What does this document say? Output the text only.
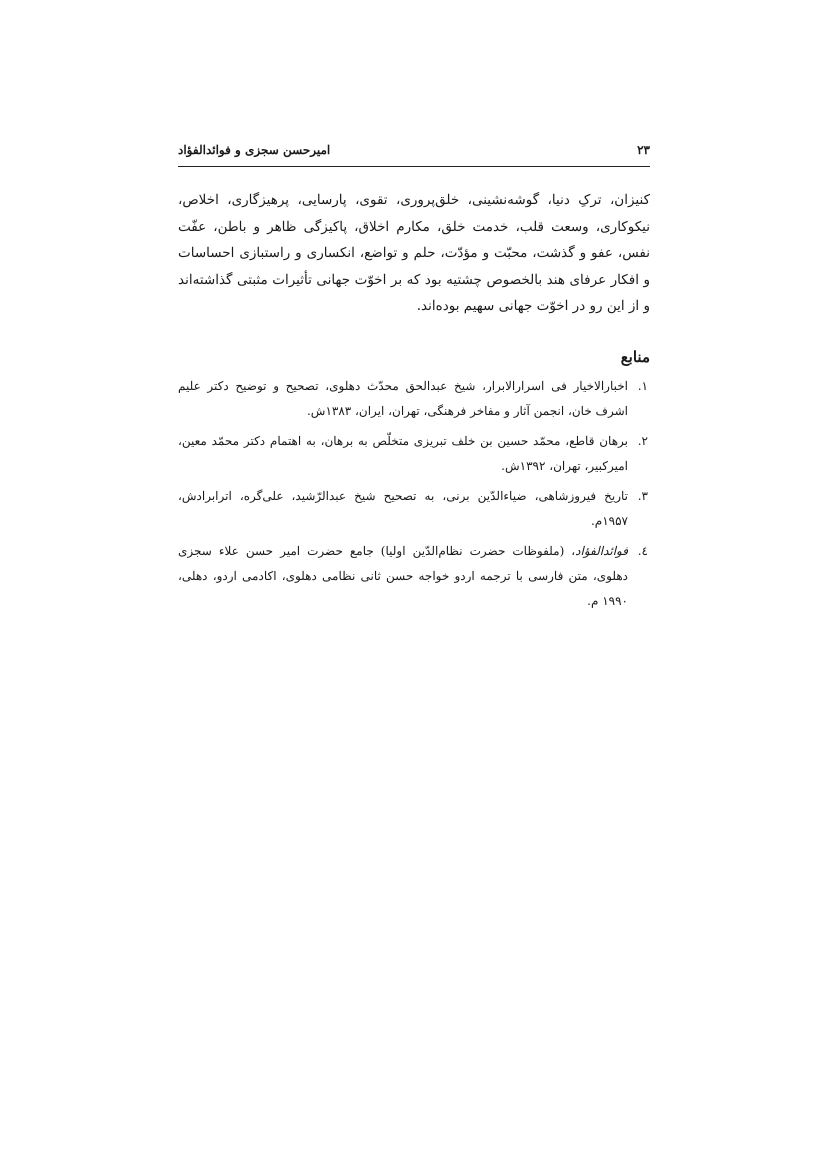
۲۳
امیرحسن سجزی و فوائدالفؤاد

کنیزان، ترکِ دنیا، گوشه‌نشینی، خلق‌پروری، تقوی، پارسایی، پرهیزگاری، اخلاص، نیکوکاری، وسعت قلب، خدمت خلق، مکارم اخلاق، پاکیزگی ظاهر و باطن، عفّت نفس، عفو و گذشت، محبّت و مؤدّت، حلم و تواضع، انکساری و راستبازی احساسات و افکار عرفای هند بالخصوص چشتیه بود که بر اخوّت جهانی تأثیرات مثبتی گذاشته‌اند و از این رو در اخوّت جهانی سهیم بوده‌اند.

منابع
۱.
اخبارالاخیار فی اسرارالابرار، شیخ عبدالحق محدّث دهلوی، تصحیح و توضیح دکتر علیم اشرف خان، انجمن آثار و مفاخر فرهنگی، تهران، ایران، ۱۳۸۳ش.
۲.
برهان قاطع، محمّد حسین بن خلف تبریزی متخلّص به برهان، به اهتمام دکتر محمّد معین، امیرکبیر، تهران، ۱۳۹۲ش.
۳.
تاریخ فیروزشاهی، ضیاءالدّین برنی، به تصحیح شیخ عبدالرّشید، علی‌گره، اترابرادش، ۱۹۵۷م.
٤.
فوائدالفؤاد، (ملفوظات حضرت نظام‌الدّین اولیا) جامع حضرت امیر حسن علاء سجزی دهلوی، متن فارسی با ترجمه اردو خواجه حسن ثانی نظامی دهلوی، اکادمی اردو، دهلی، ۱۹۹۰ م.
